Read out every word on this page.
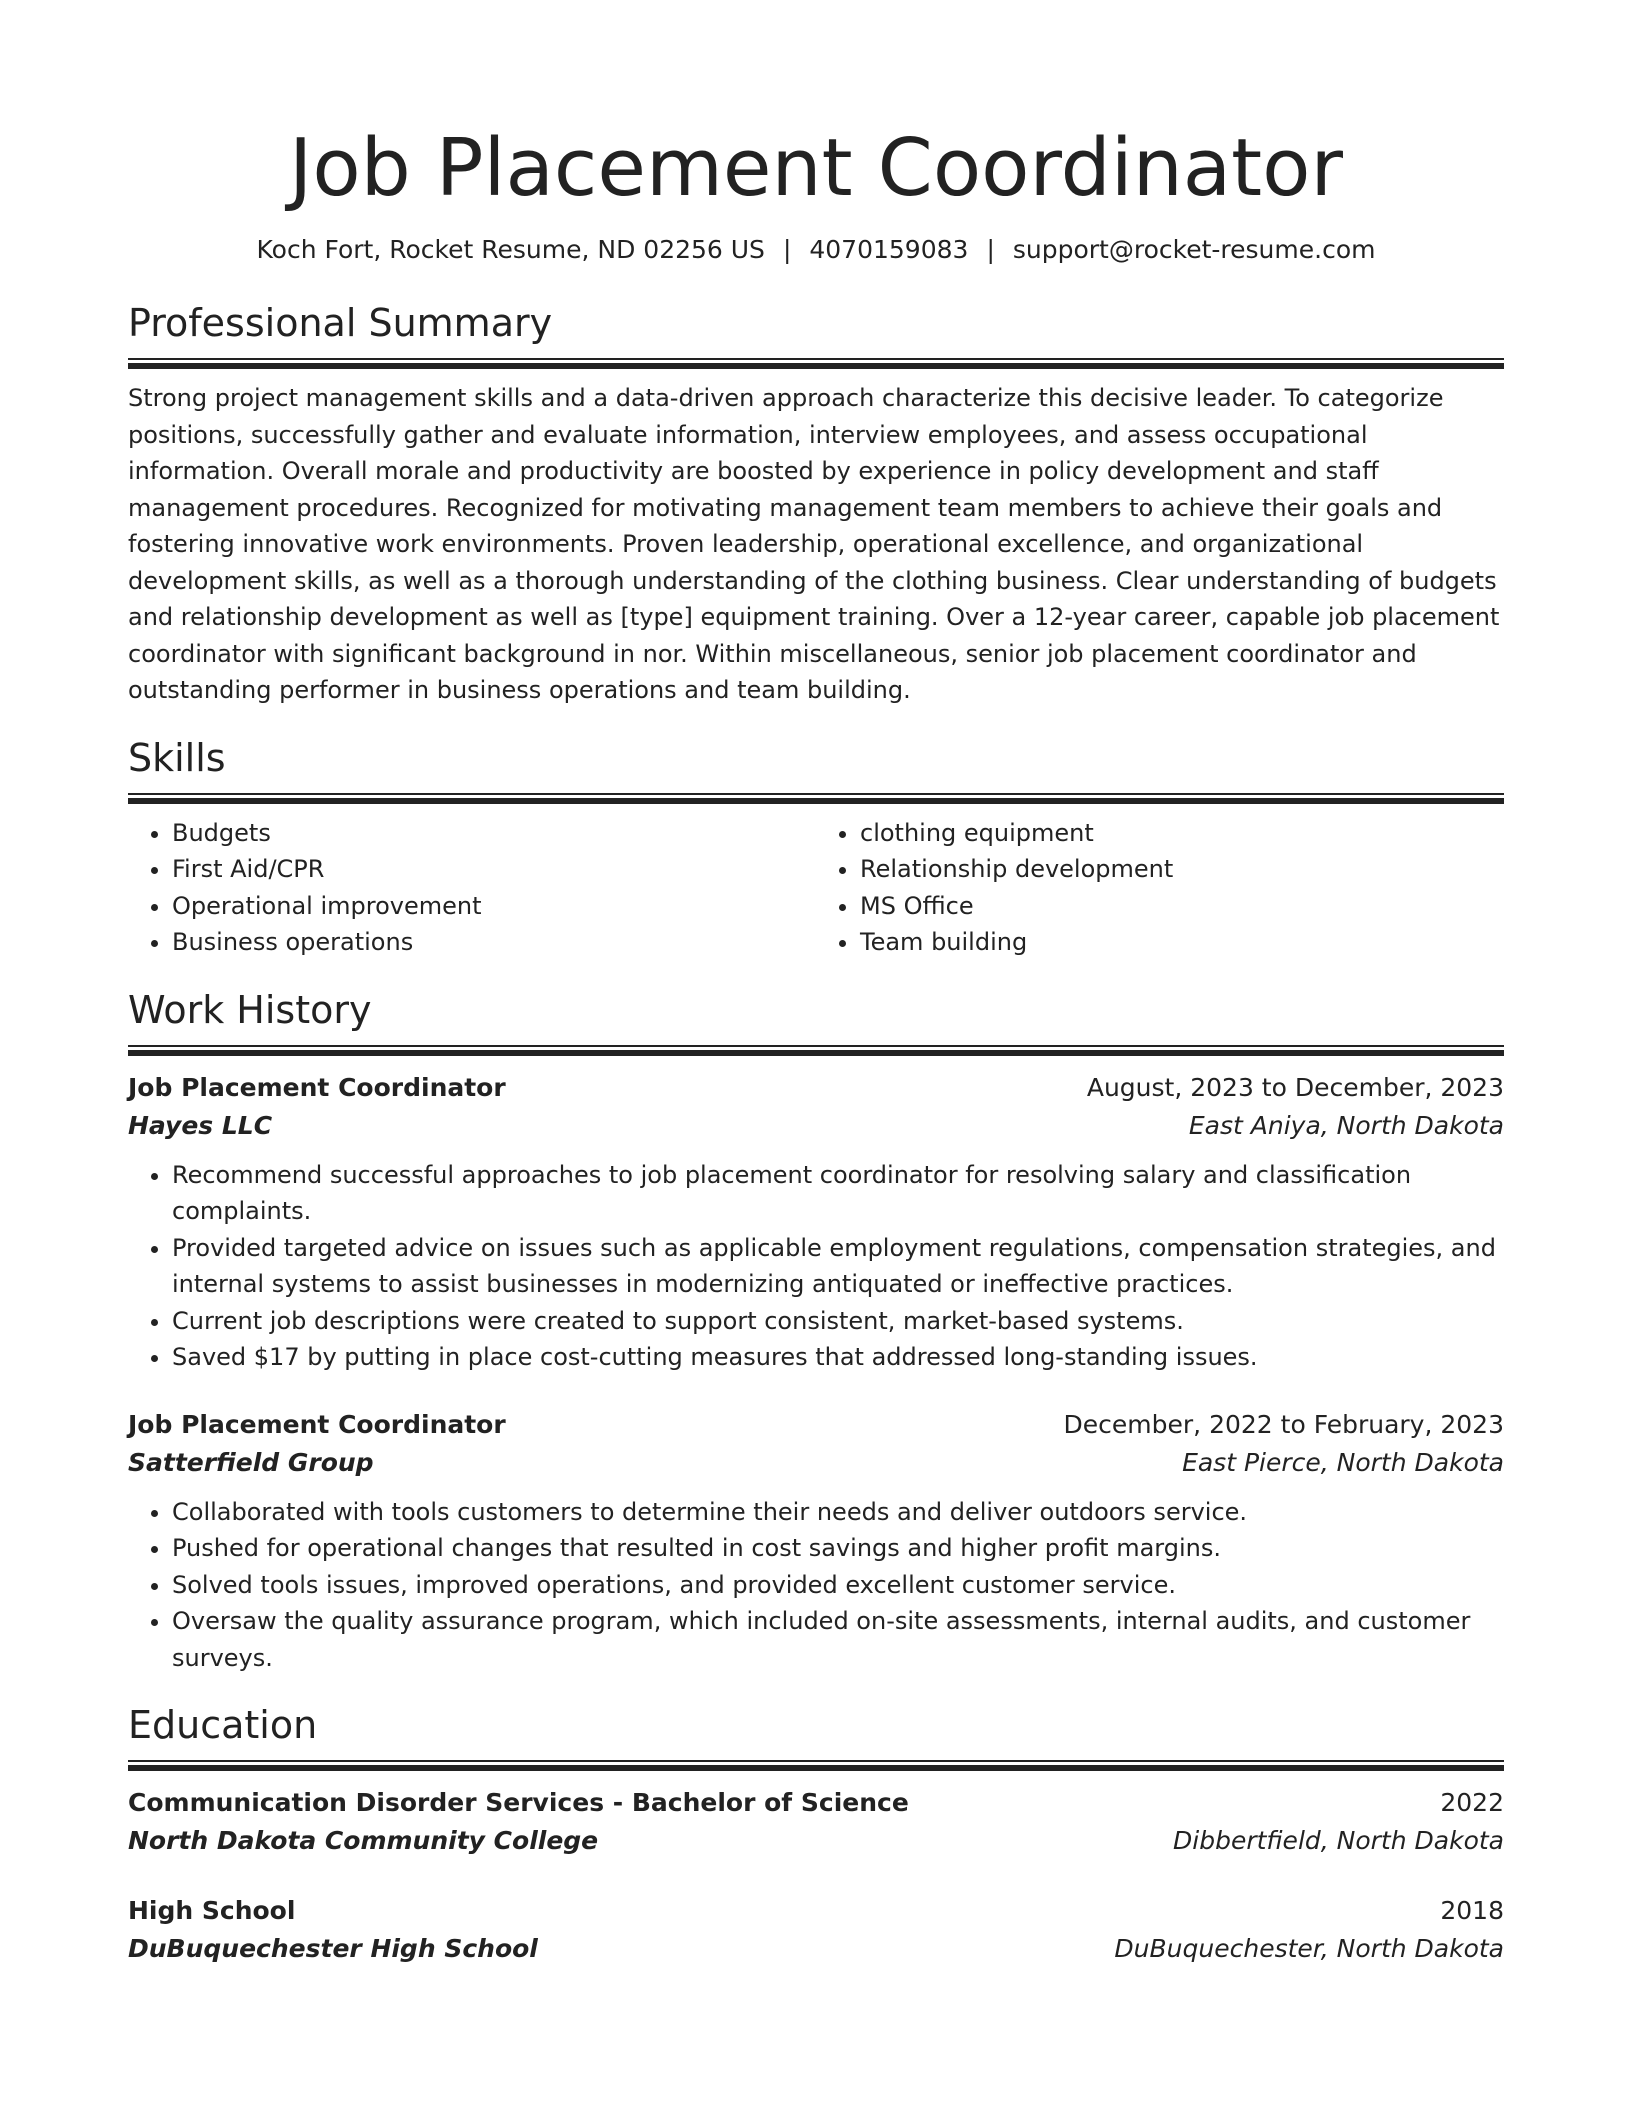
Job Placement Coordinator
Koch Fort, Rocket Resume, ND 02256 US | 4070159083 | support@rocket-resume.com
Professional Summary
Strong project management skills and a data-driven approach characterize this decisive leader. To categorize positions, successfully gather and evaluate information, interview employees, and assess occupational information. Overall morale and productivity are boosted by experience in policy development and staff management procedures. Recognized for motivating management team members to achieve their goals and fostering innovative work environments. Proven leadership, operational excellence, and organizational development skills, as well as a thorough understanding of the clothing business. Clear understanding of budgets and relationship development as well as [type] equipment training. Over a 12-year career, capable job placement coordinator with significant background in nor. Within miscellaneous, senior job placement coordinator and outstanding performer in business operations and team building.
Skills
• Budgets
• First Aid/CPR
• Operational improvement
• Business operations
• clothing equipment
• Relationship development
• MS Office
• Team building
Work History
Job Placement Coordinator	August, 2023 to December, 2023
Hayes LLC	East Aniya, North Dakota
• Recommend successful approaches to job placement coordinator for resolving salary and classification complaints.
• Provided targeted advice on issues such as applicable employment regulations, compensation strategies, and internal systems to assist businesses in modernizing antiquated or ineffective practices.
• Current job descriptions were created to support consistent, market-based systems.
• Saved $17 by putting in place cost-cutting measures that addressed long-standing issues.
Job Placement Coordinator	December, 2022 to February, 2023
Satterfield Group	East Pierce, North Dakota
• Collaborated with tools customers to determine their needs and deliver outdoors service.
• Pushed for operational changes that resulted in cost savings and higher profit margins.
• Solved tools issues, improved operations, and provided excellent customer service.
• Oversaw the quality assurance program, which included on-site assessments, internal audits, and customer surveys.
Education
Communication Disorder Services - Bachelor of Science	2022
North Dakota Community College	Dibbertfield, North Dakota
High School	2018
DuBuquechester High School	DuBuquechester, North Dakota
